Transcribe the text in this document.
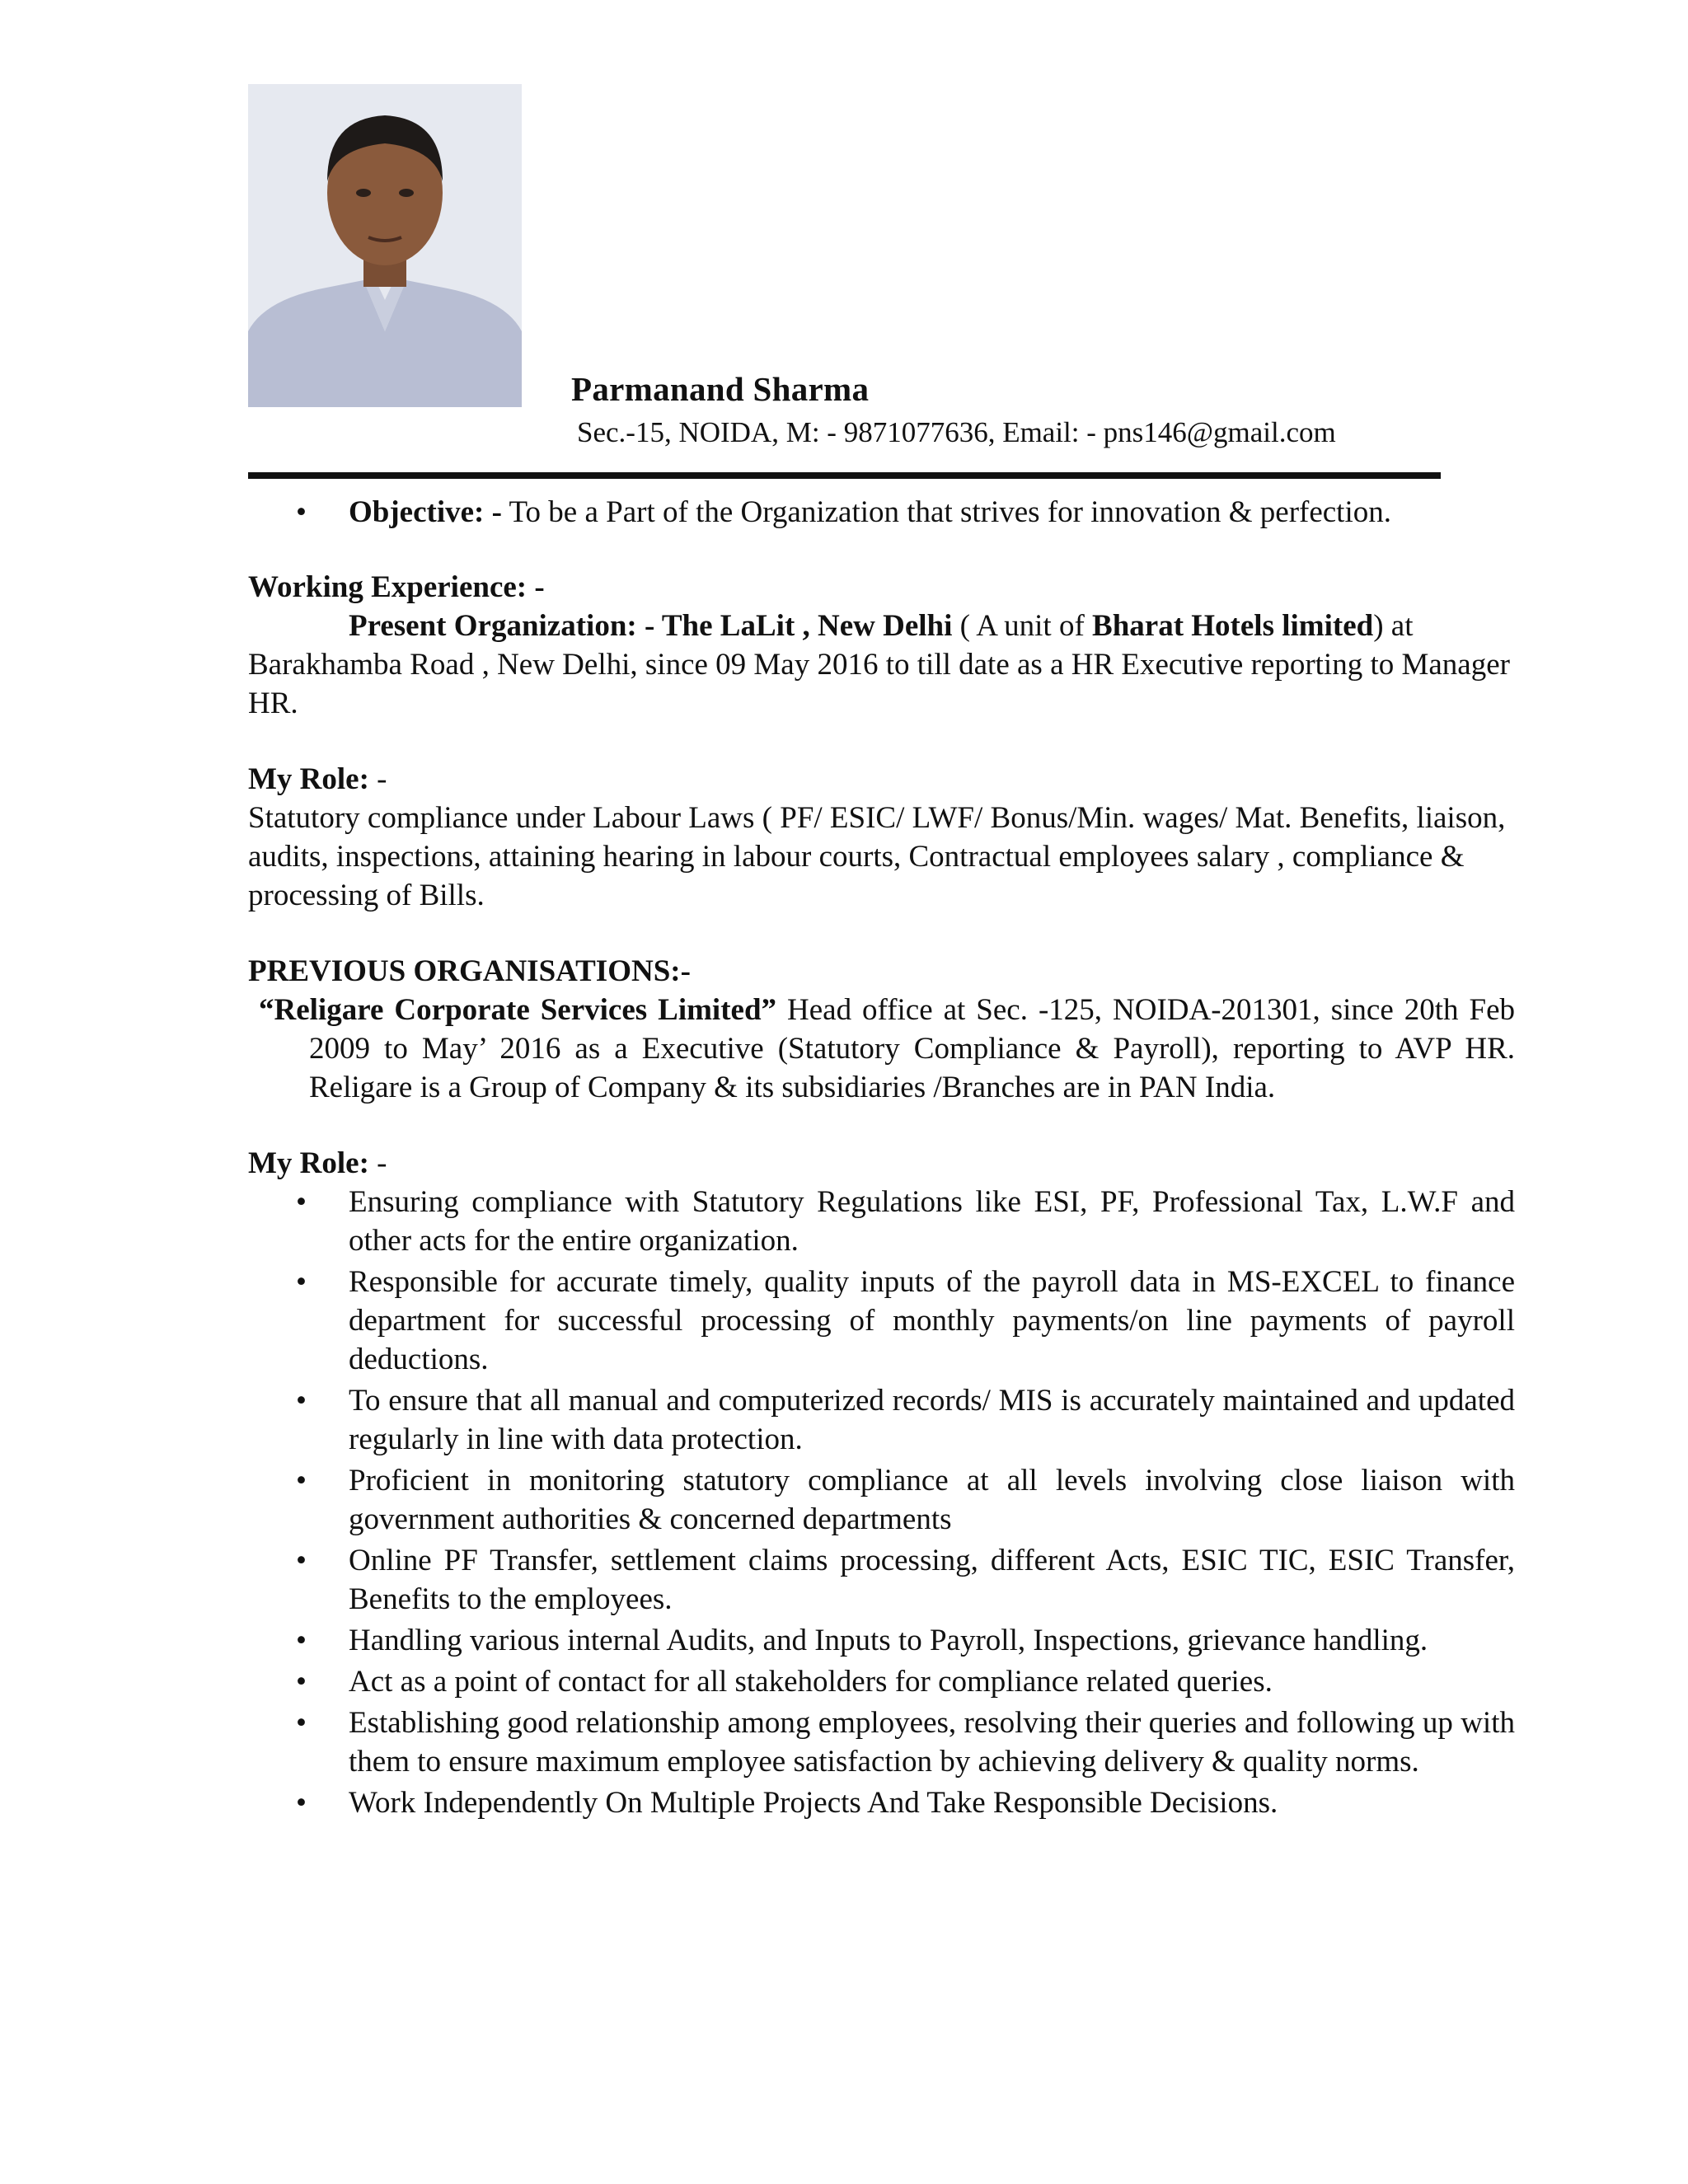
Parmanand Sharma
Sec.-15, NOIDA, M: - 9871077636, Email: - pns146@gmail.com
• Objective: - To be a Part of the Organization that strives for innovation & perfection.
Working Experience: -
Present Organization: - The LaLit , New Delhi ( A unit of Bharat Hotels limited) at Barakhamba Road , New Delhi, since 09 May 2016 to till date as a HR Executive reporting to Manager HR.
My Role: -
Statutory compliance under Labour Laws ( PF/ ESIC/ LWF/ Bonus/Min. wages/ Mat. Benefits, liaison, audits, inspections, attaining hearing in labour courts, Contractual employees salary , compliance & processing of Bills.
PREVIOUS ORGANISATIONS:-
“Religare Corporate Services Limited” Head office at Sec. -125, NOIDA-201301, since 20th Feb 2009 to May’ 2016 as a Executive (Statutory Compliance & Payroll), reporting to AVP HR. Religare is a Group of Company & its subsidiaries /Branches are in PAN India.
My Role: -
• Ensuring compliance with Statutory Regulations like ESI, PF, Professional Tax, L.W.F and other acts for the entire organization.
• Responsible for accurate timely, quality inputs of the payroll data in MS-EXCEL to finance department for successful processing of monthly payments/on line payments of payroll deductions.
• To ensure that all manual and computerized records/ MIS is accurately maintained and updated regularly in line with data protection.
• Proficient in monitoring statutory compliance at all levels involving close liaison with government authorities & concerned departments
• Online PF Transfer, settlement claims processing, different Acts, ESIC TIC, ESIC Transfer, Benefits to the employees.
• Handling various internal Audits, and Inputs to Payroll, Inspections, grievance handling.
• Act as a point of contact for all stakeholders for compliance related queries.
• Establishing good relationship among employees, resolving their queries and following up with them to ensure maximum employee satisfaction by achieving delivery & quality norms.
• Work Independently On Multiple Projects And Take Responsible Decisions.
